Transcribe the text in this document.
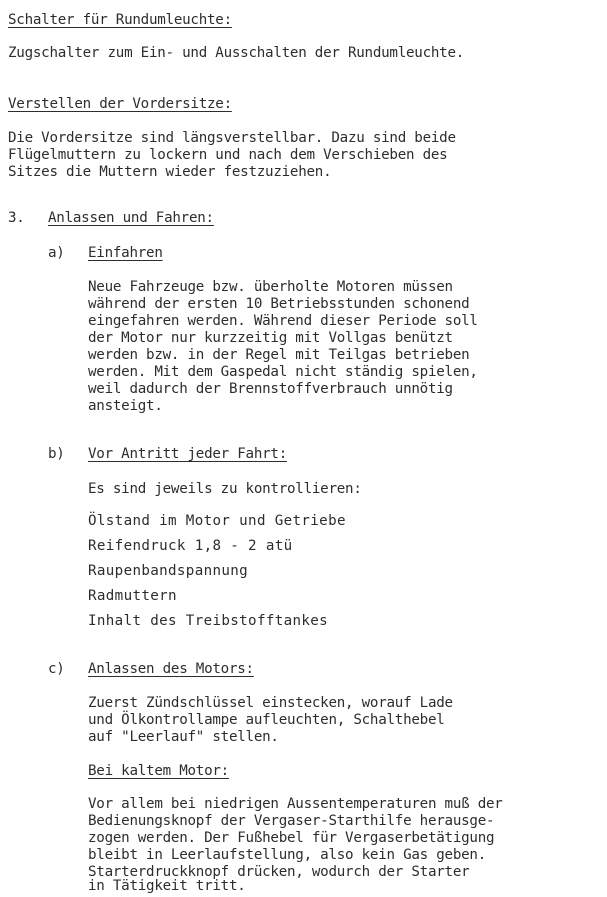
Schalter für Rundumleuchte:
Zugschalter zum Ein- und Ausschalten der Rundumleuchte.
Verstellen der Vordersitze:
Die Vordersitze sind längsverstellbar. Dazu sind beide
Flügelmuttern zu lockern und nach dem Verschieben des
Sitzes die Muttern wieder festzuziehen.
3. Anlassen und Fahren:
a) Einfahren
Neue Fahrzeuge bzw. überholte Motoren müssen
während der ersten 10 Betriebsstunden schonend
eingefahren werden. Während dieser Periode soll
der Motor nur kurzzeitig mit Vollgas benützt
werden bzw. in der Regel mit Teilgas betrieben
werden. Mit dem Gaspedal nicht ständig spielen,
weil dadurch der Brennstoffverbrauch unnötig
ansteigt.
b) Vor Antritt jeder Fahrt:
Es sind jeweils zu kontrollieren:
Ölstand im Motor und Getriebe
Reifendruck 1,8 - 2 atü
Raupenbandspannung
Radmuttern
Inhalt des Treibstofftankes
c) Anlassen des Motors:
Zuerst Zündschlüssel einstecken, worauf Lade
und Ölkontrollampe aufleuchten, Schalthebel
auf "Leerlauf" stellen.
Bei kaltem Motor:
Vor allem bei niedrigen Aussentemperaturen muß der
Bedienungsknopf der Vergaser-Starthilfe herausge-
zogen werden. Der Fußhebel für Vergaserbetätigung
bleibt in Leerlaufstellung, also kein Gas geben.
Starterdruckknopf drücken, wodurch der Starter
in Tätigkeit tritt.
